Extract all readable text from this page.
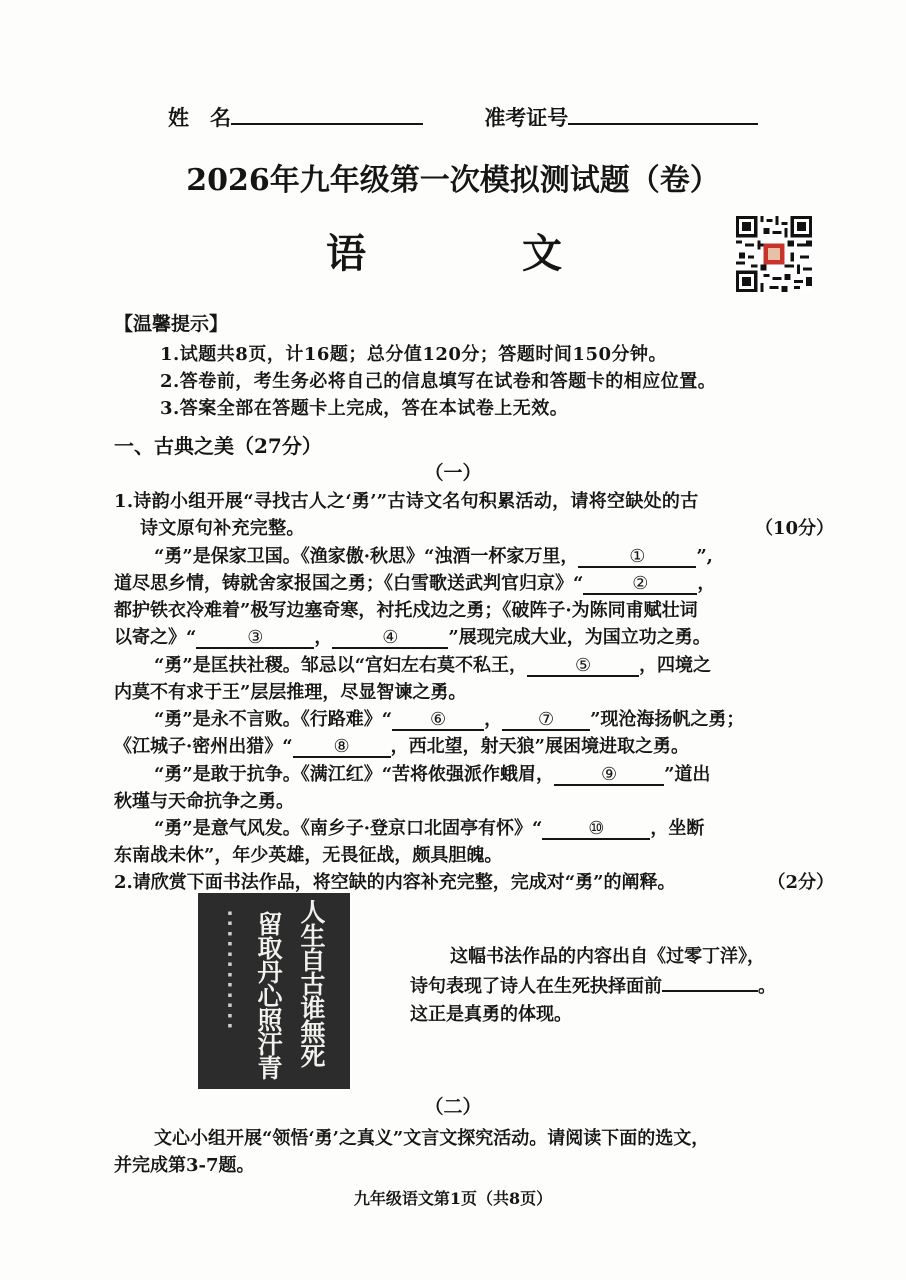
姓　名	准考证号
2026年九年级第一次模拟测试题（卷）
语　文
【温馨提示】
1.试题共8页，计16题；总分值120分；答题时间150分钟。
2.答卷前，考生务必将自己的信息填写在试卷和答题卡的相应位置。
3.答案全部在答题卡上完成，答在本试卷上无效。
一、古典之美（27分）
（一）
1.诗韵小组开展“寻找古人之‘勇’”古诗文名句积累活动，请将空缺处的古
诗文原句补充完整。	（10分）
“勇”是保家卫国。《渔家傲·秋思》“浊酒一杯家万里，	①	”,
道尽思乡情，铸就舍家报国之勇；《白雪歌送武判官归京》“	②	，
都护铁衣冷难着”极写边塞奇寒，衬托戍边之勇；《破阵子·为陈同甫赋壮词
以寄之》“	③	，	④	”展现完成大业，为国立功之勇。
“勇”是匡扶社稷。邹忌以“宫妇左右莫不私王，	⑤	，四境之
内莫不有求于王”层层推理，尽显智谏之勇。
“勇”是永不言败。《行路难》“ ⑥ ， ⑦ ”现沧海扬帆之勇；
《江城子·密州出猎》“ ⑧ ，西北望，射天狼”展困境进取之勇。
“勇”是敢于抗争。《满江红》“苦将侬强派作蛾眉，	⑨	”道出
秋瑾与天命抗争之勇。
“勇”是意气风发。《南乡子·登京口北固亭有怀》“	⑩	，坐断
东南战未休”，年少英雄，无畏征战，颇具胆魄。
2.请欣赏下面书法作品，将空缺的内容补充完整，完成对“勇”的阐释。	（2分）
▪ ▪ ▪ ▪ ▪ ▪ ▪ ▪ ▪ ▪ ▪ ▪	人生自古谁無死
留取丹心照汗青	这幅书法作品的内容出自《过零丁洋》，
诗句表现了诗人在生死抉择面前	。
这正是真勇的体现。
（二）
文心小组开展“领悟‘勇’之真义”文言文探究活动。请阅读下面的选文，
并完成第3-7题。
九年级语文第1页（共8页）
